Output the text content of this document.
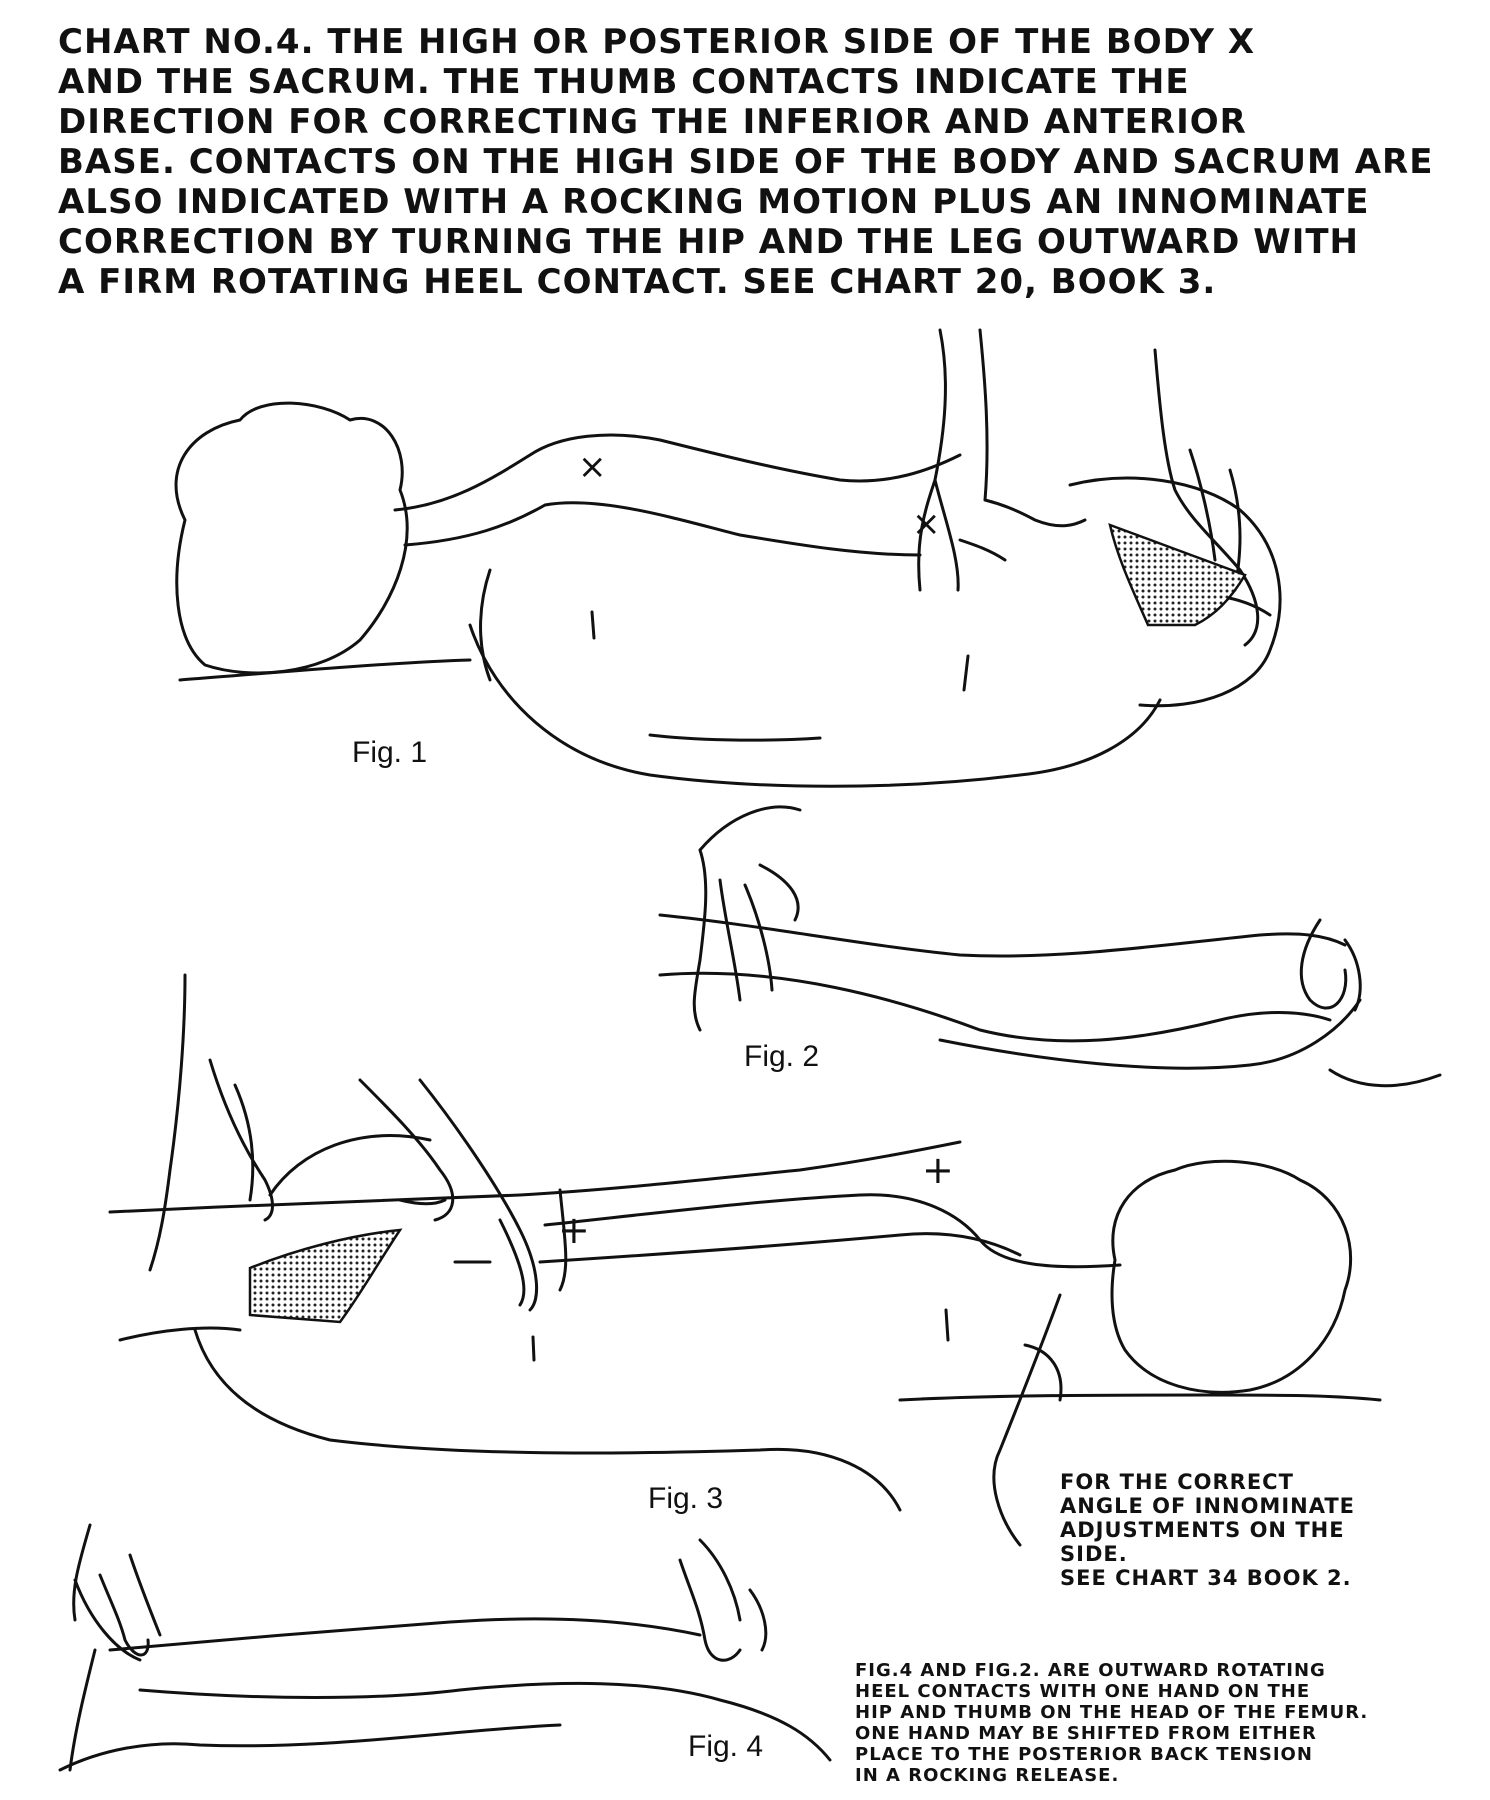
CHART NO.4. THE HIGH OR POSTERIOR SIDE OF THE BODY X
AND THE SACRUM. THE THUMB CONTACTS INDICATE THE
DIRECTION FOR CORRECTING THE INFERIOR AND ANTERIOR
BASE. CONTACTS ON THE HIGH SIDE OF THE BODY AND SACRUM ARE
ALSO INDICATED WITH A ROCKING MOTION PLUS AN INNOMINATE
CORRECTION BY TURNING THE HIP AND THE LEG OUTWARD WITH
A FIRM ROTATING HEEL CONTACT. SEE CHART 20, BOOK 3.
×
×
+
+
Fig. 1
Fig. 2
Fig. 3
Fig. 4
FOR THE CORRECT
ANGLE OF INNOMINATE
ADJUSTMENTS ON THE
SIDE.
SEE CHART 34 BOOK 2.
FIG.4 AND FIG.2. ARE OUTWARD ROTATING
HEEL CONTACTS WITH ONE HAND ON THE
HIP AND THUMB ON THE HEAD OF THE FEMUR.
ONE HAND MAY BE SHIFTED FROM EITHER
PLACE TO THE POSTERIOR BACK TENSION
IN A ROCKING RELEASE.
